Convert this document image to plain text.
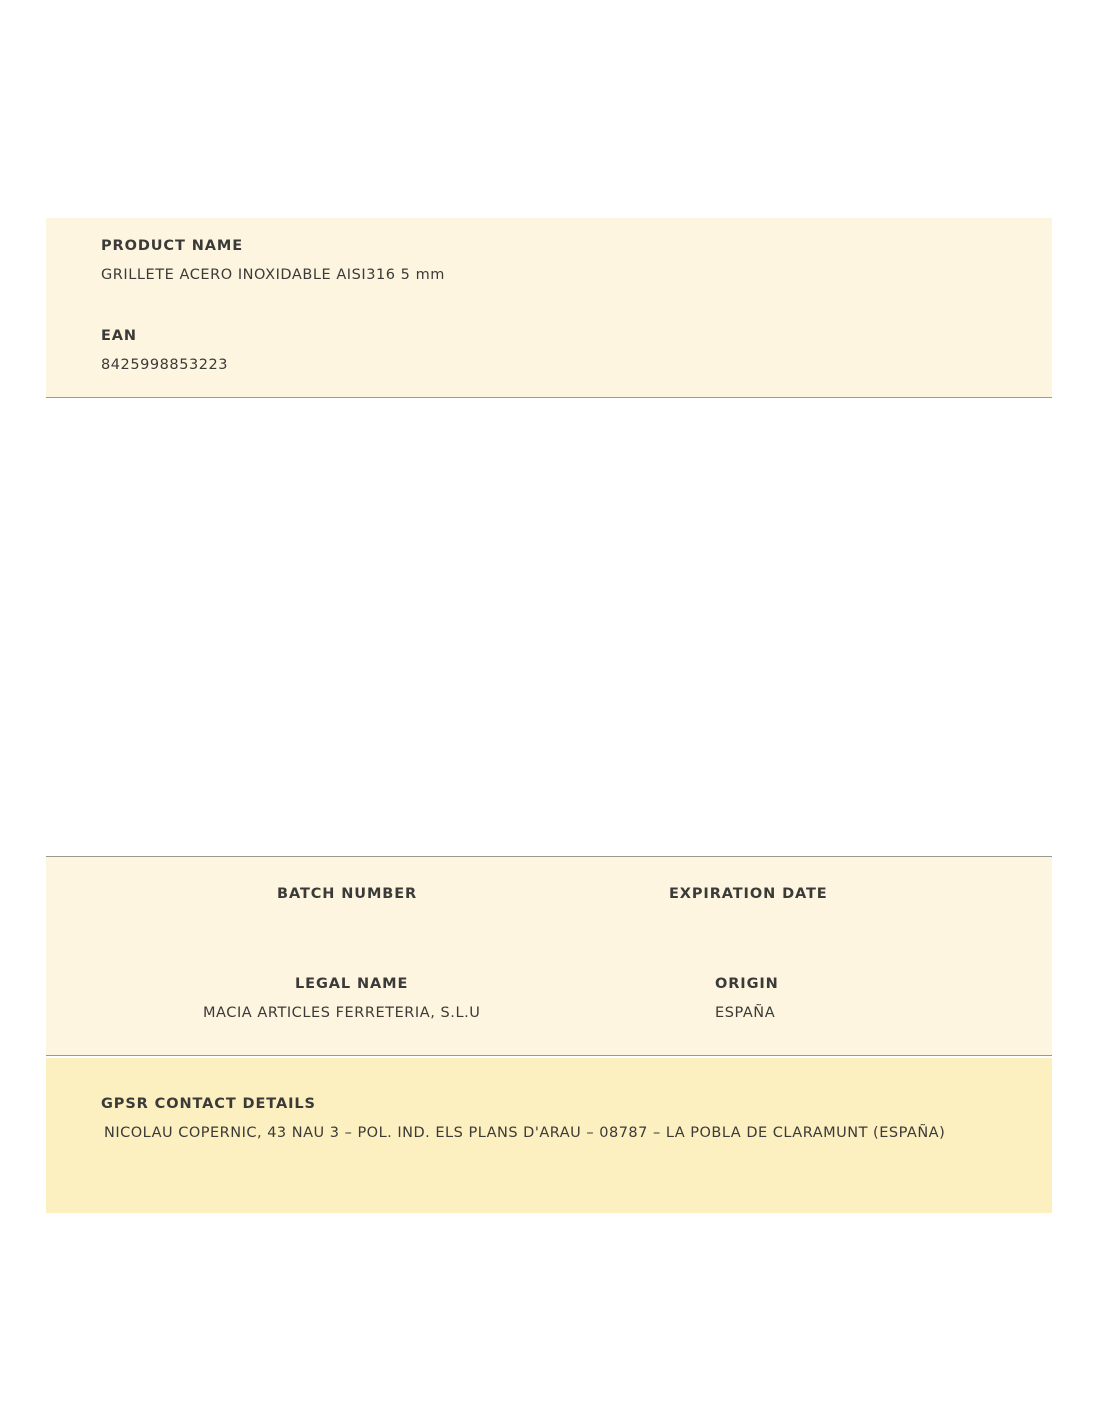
PRODUCT NAME
GRILLETE ACERO INOXIDABLE AISI316 5 mm
EAN
8425998853223
BATCH NUMBER	EXPIRATION DATE
LEGAL NAME
MACIA ARTICLES FERRETERIA, S.L.U
ORIGIN
ESPAÑA
GPSR CONTACT DETAILS
NICOLAU COPERNIC, 43 NAU 3 – POL. IND. ELS PLANS D'ARAU – 08787 – LA POBLA DE CLARAMUNT (ESPAÑA)
